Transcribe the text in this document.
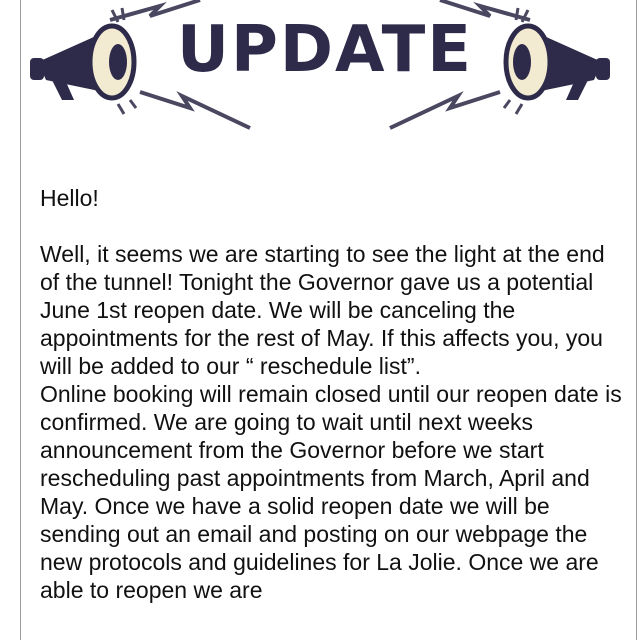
UPDATE

Hello!

Well, it seems we are starting to see the light at the end of the tunnel! Tonight the Governor gave us a potential June 1st reopen date. We will be canceling the appointments for the rest of May. If this affects you, you will be added to our “ reschedule list”.
Online booking will remain closed until our reopen date is confirmed. We are going to wait until next weeks announcement from the Governor before we start rescheduling past appointments from March, April and May. Once we have a solid reopen date we will be sending out an email and posting on our webpage the new protocols and guidelines for La Jolie. Once we are able to reopen we are
